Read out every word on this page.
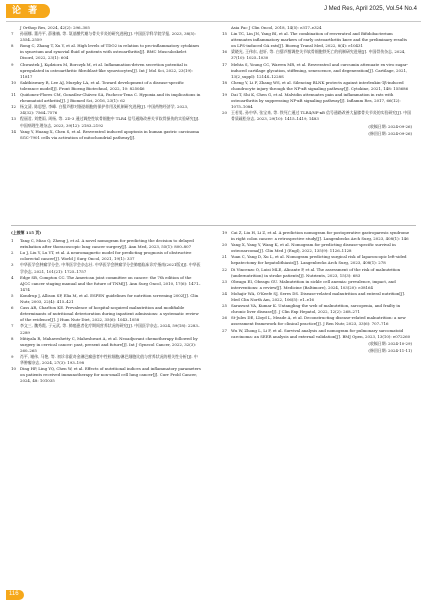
论 著	J Med Res, April 2025, Vol.54 No.4
J Orthop Res, 2024, 42(2): 296–305
7	孙丽娜, 董丹平, 薛雅楠, 等. 氨基酸代谢与骨关节炎的研究进展[J]. 中国医学科学院学报, 2023, 38(5): 2554–2559
8	Rong C, Zhang T, Xu Y, et al. High levels of TDO2 in relation to pro-inflammatory cytokines in synovium and synovial fluid of patients with osteoarthritis[J]. BMC Musculoskelet Disord, 2022, 23(1): 604
9	Chwastek J, Kędziora M, Borczyk M, et al. Inflammation-driven secretion potential is upregulated in osteoarthritic fibroblast-like synoviocytes[J]. Int J Mol Sci, 2022, 23(19): 11817
10	Sakthiswary R, Lee AJ, Murphy LA, et al. Toward development of a disease-specific tolerance model[J]. Front Bioeng Biotechnol, 2022, 10: 825046
11	Quiñonez-Flores CM, González-Chávez SA, Pacheco-Tena C. Hypoxia and its implications in rheumatoid arthritis[J]. J Biomed Sci, 2016, 23(1): 62
12	杨文清, 陈思想, 李峰. 白藜芦醇对脂肪细胞的保护作用及机制研究进展[J]. 中国药物经济学, 2023, 34(32): 7564–7576
13	程丽君, 刘楚雨, 周杨, 等. 2D-3 通过调控性软骨细胞中 TLR4 信号通路改善关节软骨损伤的实验研究[J]. 中国病理生理杂志, 2023, 39(12): 2183–2192
14	Yang Y, Huang X, Chen S, et al. Resveratrol induced apoptosis in human gastric carcinoma SGC-7901 cells via activation of mitochondrial pathway[J].
Asia Pac J Clin Oncol, 2018, 14(5): e317–e324
15	Lin TC, Lin JN, Yang BI, et al. The combination of resveratrol and Bifidobacterium attenuates inflammatory markers of early osteoarthritis knee and the preliminary results on LPS-induced OA rats[J]. Bioeng Transl Med, 2022, 8(4): e10431
16	梁晓光, 王伟东, 赵轩, 等. 白藜芦醇调控关节软骨细胞铁死亡的机制研究进展[J]. 中国骨伤杂志, 2024, 37(10): 1025–1030
17	Mehta S, Young CC, Warren MR, et al. Resveratrol and curcumin attenuate ex vivo sugar-induced cartilage glycation, stiffening, senescence, and degeneration[J]. Cartilage, 2021, 13(2_suppl): 1214S–1228S
18	Cheng Y, Li F, Zhang WS, et al. Silencing BLNK protects against interleukin-1β-induced chondrocyte injury through the NF-κB signaling pathway[J]. Cytokine, 2021, 148: 155686
19	Dai T, Shi K, Chen G, et al. Malvidin attenuates pain and inflammation in rats with osteoarthritis by suppressing NF-κB signaling pathway[J]. Inflamm Res, 2017, 66(12): 1075–1084
20	王若男, 孙中华, 张宝来, 等. 铁死亡通过 TLR4/NF-κB 信号通路改善大鼠膝骨关节炎的实验研究[J]. 中国骨质疏松杂志, 2023, 29(10): 1415–1419, 1483
(收稿日期: 2024-09-26)
(修回日期: 2024-09-26)
(上接第 115 页)
1	Tang C, Miao Q, Zheng J, et al. A novel nomogram for predicting the decision to delayed extubation after thoracoscopic lung cancer surgery[J]. Ann Med, 2023, 55(1): 800–807
2	Lu J, Liu Y, Lu YT, et al. A neuromagnetic model for predicting prognosis of obstructive colorectal cancer[J]. World J Surg Oncol, 2021, 19(1): 337
3	中华医学会肿瘤学分会, 中华医学会杂志社. 中华医学会肿瘤学分会肺癌临床诊疗指南(2021版)[J]. 中华医学杂志, 2021, 101(21): 1725–1757
4	Edge SB, Compton CC. The American joint committee on cancer: the 7th edition of the AJCC cancer staging manual and the future of TNM[J]. Ann Surg Oncol, 2010, 17(6): 1471–1474
5	Kondrup J, Allison SP, Elia M, et al. ESPEN guidelines for nutrition screening 2002[J]. Clin Nutr, 2003, 22(4): 415–421
6	Cass AR, Charlton KE. Prevalence of hospital-acquired malnutrition and modifiable determinants of nutritional deterioration during inpatient admissions: a systematic review of the evidence[J]. J Hum Nutr Diet, 2022, 35(6): 1043–1058
7	李文三, 魏秀霞, 子元武, 等. 肺癌患者化疗期间营养状况的研究[J]. 中国医学杂志, 2024, 59(18): 2283–2289
8	Mitiyala R, Mahaveshetty C, Maheshwari A, et al. Neoadjuvant chemotherapy followed by surgery in cervical cancer: past, present and future[J]. Int J Gynecol Cancer, 2022, 32(3): 260–265
9	肖平, 谢伟, 马艳, 等. 初诊非霍奇金淋巴瘤患者中性粒细胞/淋巴细胞比值与营养状况的相关性分析[J]. 中华肿瘤杂志, 2024, 27(3): 193–198
10	Ding HP, Ling YQ, Chen W, et al. Effects of nutritional indices and inflammatory parameters on patients received immunotherapy for non-small cell lung cancer[J]. Curr Probl Cancer, 2024, 48: 101035
19	Cai Z, Liu H, Li Z, et al. A prediction nomogram for postoperative gastroparesis syndrome in right colon cancer: a retrospective study[J]. Langenbecks Arch Surg, 2023, 408(1): 146
20	Yang X, Yang Y, Wang K, et al. Nomogram for predicting disease-specific survival in osteosarcoma[J]. Clin Med J (Engl), 2022, 135(9): 1126–1128
21	Yuan C, Yang D, Xu L, et al. Nomogram predicting surgical risk of laparoscopic left-sided hepatectomy for hepatolithiasis[J]. Langenbecks Arch Surg, 2023, 408(1): 278
22	Di Vincenzo O, Luisi MLE, Alicante P, et al. The assessment of the risk of malnutrition (undernutrition) in stroke patients[J]. Nutrients, 2023, 15(3): 683
23	Obeagu EI, Obeagu GU. Malnutrition in sickle cell anemia: prevalence, impact, and interventions: a review[J]. Medicine (Baltimore), 2024, 103(20): e38164
24	Mohajir WA, O'Keefe SJ, Seres DS. Disease-related malnutrition and enteral nutrition[J]. Med Clin North Am, 2022, 106(5): e1–e16
25	Saraswat VA, Kumar K. Untangling the web of malnutrition, sarcopenia, and frailty in chronic liver disease[J]. J Clin Exp Hepatol, 2022, 12(2): 268–271
26	St-Jules DE, Lloyd L, Meade A, et al. Deconstructing disease-related malnutrition: a new assessment framework for clinical practice[J]. J Ren Nutr, 2023, 33(6): 707–716
27	Wu W, Zhong L, Li F, et al. Survival analysis and nomogram for pulmonary sarcomatoid carcinoma: an SEER analysis and external validation[J]. BMJ Open, 2023, 13(10): e072260
(收稿日期: 2024-10-29)
(修回日期: 2024-11-11)
116
